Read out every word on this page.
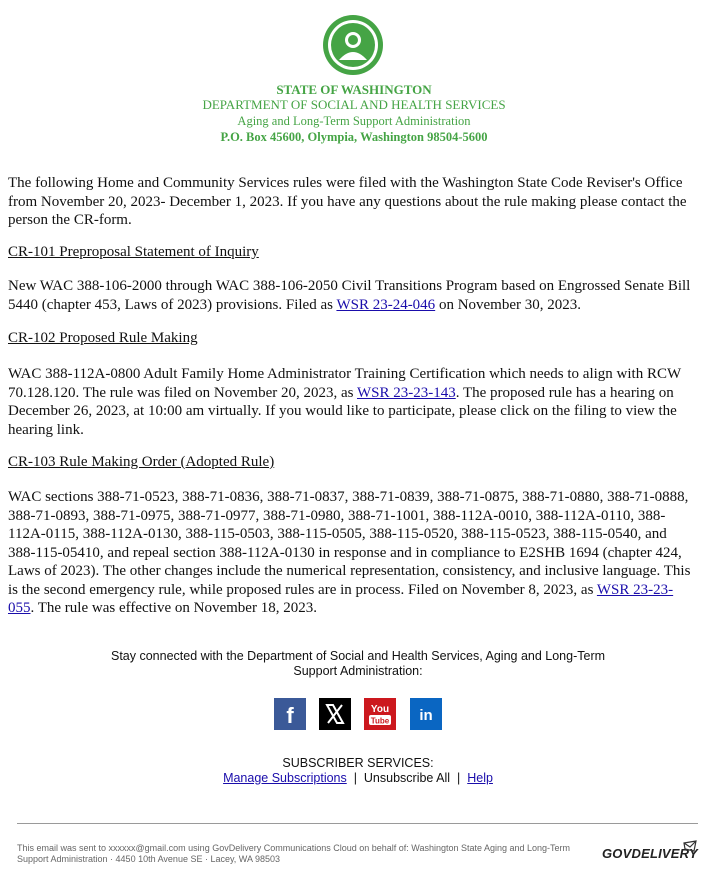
STATE OF WASHINGTON
DEPARTMENT OF SOCIAL AND HEALTH SERVICES
Aging and Long-Term Support Administration
P.O. Box 45600, Olympia, Washington 98504-5600
The following Home and Community Services rules were filed with the Washington State Code Reviser's Office from November 20, 2023- December 1, 2023. If you have any questions about the rule making please contact the person the CR-form.
CR-101 Preproposal Statement of Inquiry
New WAC 388-106-2000 through WAC 388-106-2050 Civil Transitions Program based on Engrossed Senate Bill 5440 (chapter 453, Laws of 2023) provisions. Filed as WSR 23-24-046 on November 30, 2023.
CR-102 Proposed Rule Making
WAC 388-112A-0800 Adult Family Home Administrator Training Certification which needs to align with RCW 70.128.120. The rule was filed on November 20, 2023, as WSR 23-23-143. The proposed rule has a hearing on December 26, 2023, at 10:00 am virtually. If you would like to participate, please click on the filing to view the hearing link.
CR-103 Rule Making Order (Adopted Rule)
WAC sections 388-71-0523, 388-71-0836, 388-71-0837, 388-71-0839, 388-71-0875, 388-71-0880, 388-71-0888, 388-71-0893, 388-71-0975, 388-71-0977, 388-71-0980, 388-71-1001, 388-112A-0010, 388-112A-0110, 388-112A-0115, 388-112A-0130, 388-115-0503, 388-115-0505, 388-115-0520, 388-115-0523, 388-115-0540, and 388-115-05410, and repeal section 388-112A-0130 in response and in compliance to E2SHB 1694 (chapter 424, Laws of 2023). The other changes include the numerical representation, consistency, and inclusive language. This is the second emergency rule, while proposed rules are in process. Filed on November 8, 2023, as WSR 23-23-055. The rule was effective on November 18, 2023.
Stay connected with the Department of Social and Health Services, Aging and Long-Term Support Administration:
f	You
Tube in
SUBSCRIBER SERVICES:
Manage Subscriptions | Unsubscribe All | Help
This email was sent to xxxxxx@gmail.com using GovDelivery Communications Cloud on behalf of: Washington State Aging and Long-Term Support Administration · 4450 10th Avenue SE · Lacey, WA 98503	GOVDELIVERY
